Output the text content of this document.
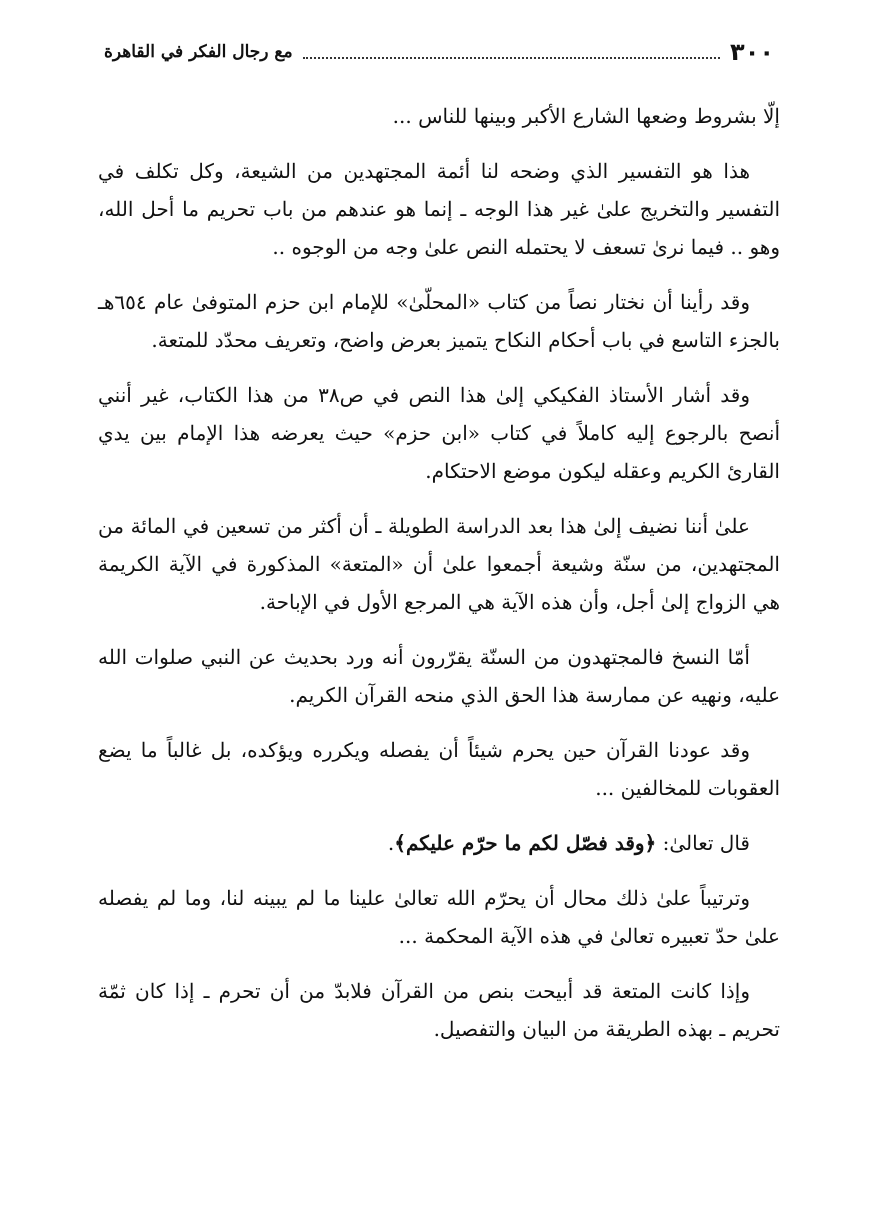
٣٠٠
مع رجال الفكر في القاهرة

إلّا بشروط وضعها الشارع الأكبر وبينها للناس ...

هذا هو التفسير الذي وضحه لنا أئمة المجتهدين من الشيعة، وكل تكلف في التفسير والتخريج علىٰ غير هذا الوجه ـ إنما هو عندهم من باب تحريم ما أحل الله، وهو .. فيما نرىٰ تسعف لا يحتمله النص علىٰ وجه من الوجوه ..

وقد رأينا أن نختار نصاً من كتاب «المحلّىٰ» للإمام ابن حزم المتوفىٰ عام ٦٥٤هـ بالجزء التاسع في باب أحكام النكاح يتميز بعرض واضح، وتعريف محدّد للمتعة.

وقد أشار الأستاذ الفكيكي إلىٰ هذا النص في ص٣٨ من هذا الكتاب، غير أنني أنصح بالرجوع إليه كاملاً في كتاب «ابن حزم» حيث يعرضه هذا الإمام بين يدي القارئ الكريم وعقله ليكون موضع الاحتكام.

علىٰ أننا نضيف إلىٰ هذا بعد الدراسة الطويلة ـ أن أكثر من تسعين في المائة من المجتهدين، من سنّة وشيعة أجمعوا علىٰ أن «المتعة» المذكورة في الآية الكريمة هي الزواج إلىٰ أجل، وأن هذه الآية هي المرجع الأول في الإباحة.

أمّا النسخ فالمجتهدون من السنّة يقرّرون أنه ورد بحديث عن النبي صلوات الله عليه، ونهيه عن ممارسة هذا الحق الذي منحه القرآن الكريم.

وقد عودنا القرآن حين يحرم شيئاً أن يفصله ويكرره ويؤكده، بل غالباً ما يضع العقوبات للمخالفين ...

قال تعالىٰ: ﴿وقد فصّل لكم ما حرّم عليكم﴾.

وترتيباً علىٰ ذلك محال أن يحرّم الله تعالىٰ علينا ما لم يبينه لنا، وما لم يفصله علىٰ حدّ تعبيره تعالىٰ في هذه الآية المحكمة ...

وإذا كانت المتعة قد أبيحت بنص من القرآن فلابدّ من أن تحرم ـ إذا كان ثمّة تحريم ـ بهذه الطريقة من البيان والتفصيل.
